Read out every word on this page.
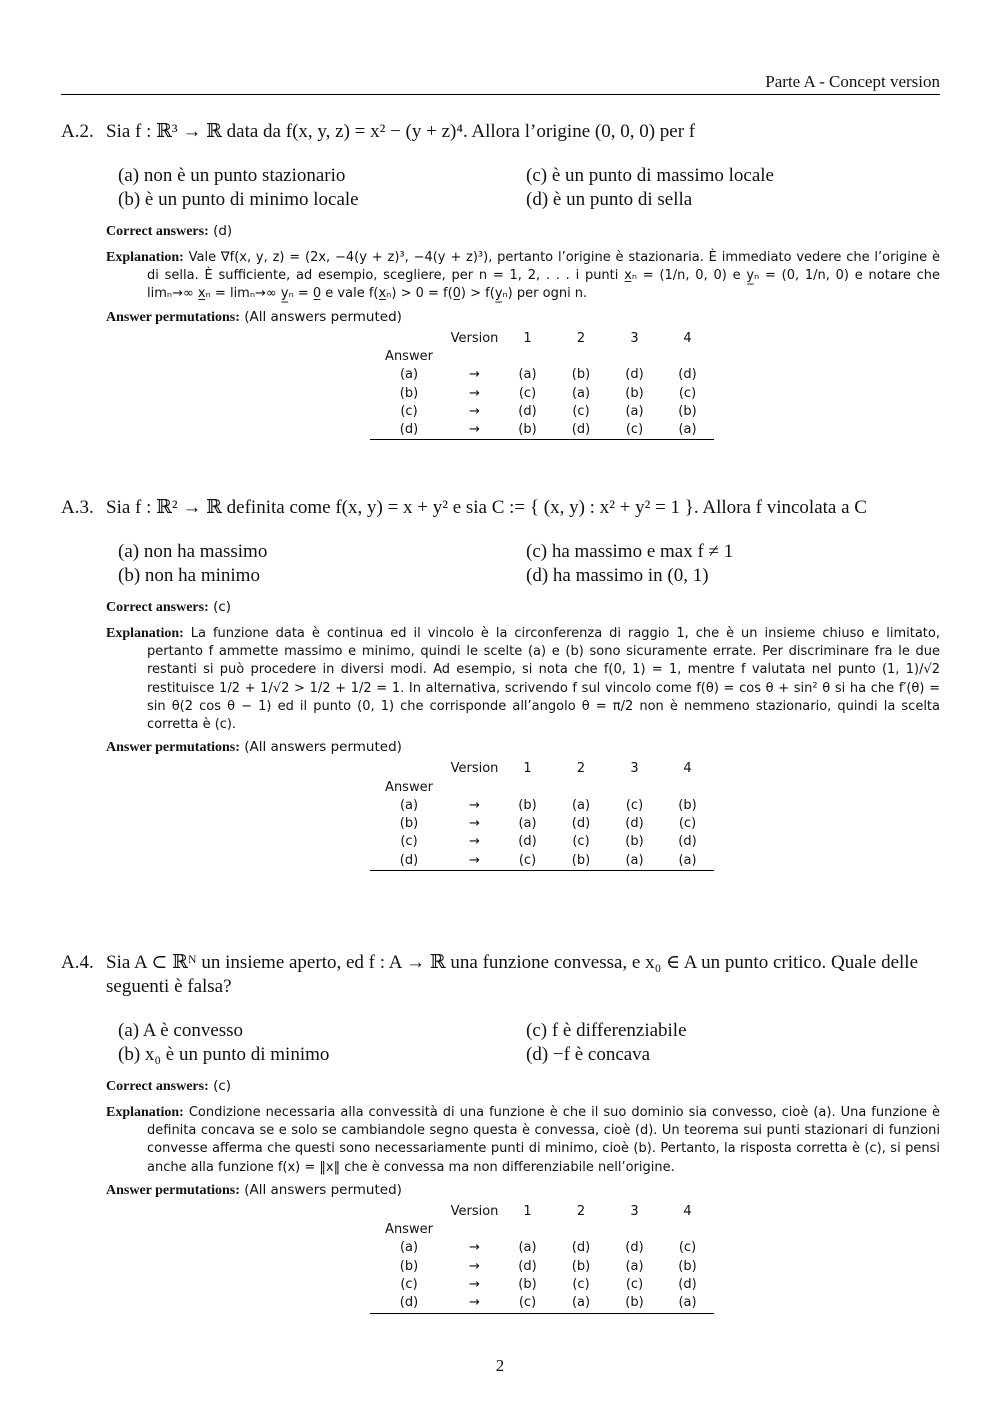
Parte A - Concept version
A.2. Sia f : ℝ³ → ℝ data da f(x, y, z) = x² − (y + z)⁴. Allora l’origine (0, 0, 0) per f
(a) non è un punto stazionario	(c) è un punto di massimo locale
(b) è un punto di minimo locale	(d) è un punto di sella
Correct answers: (d)
Explanation: Vale ∇f(x, y, z) = (2x, −4(y + z)³, −4(y + z)³), pertanto l’origine è stazionaria. È immediato vedere che l’origine è di sella. È sufficiente, ad esempio, scegliere, per n = 1, 2, . . . i punti x̲ₙ = (1/n, 0, 0) e y̲ₙ = (0, 1/n, 0) e notare che limₙ→∞ x̲ₙ = limₙ→∞ y̲ₙ = 0̲ e vale f(x̲ₙ) > 0 = f(0̲) > f(y̲ₙ) per ogni n.
Answer permutations: (All answers permuted)
	Version	1	2	3	4
Answer					
(a)	→	(a)	(b)	(d)	(d)
(b)	→	(c)	(a)	(b)	(c)
(c)	→	(d)	(c)	(a)	(b)
(d)	→	(b)	(d)	(c)	(a)
A.3. Sia f : ℝ² → ℝ definita come f(x, y) = x + y² e sia C := { (x, y) : x² + y² = 1 }. Allora f vincolata a C
(a) non ha massimo	(c) ha massimo e max f ≠ 1
(b) non ha minimo	(d) ha massimo in (0, 1)
Correct answers: (c)
Explanation: La funzione data è continua ed il vincolo è la circonferenza di raggio 1, che è un insieme chiuso e limitato, pertanto f ammette massimo e minimo, quindi le scelte (a) e (b) sono sicuramente errate. Per discriminare fra le due restanti si può procedere in diversi modi. Ad esempio, si nota che f(0, 1) = 1, mentre f valutata nel punto (1, 1)/√2 restituisce 1/2 + 1/√2 > 1/2 + 1/2 = 1. In alternativa, scrivendo f sul vincolo come f(θ) = cos θ + sin² θ si ha che f′(θ) = sin θ(2 cos θ − 1) ed il punto (0, 1) che corrisponde all’angolo θ = π/2 non è nemmeno stazionario, quindi la scelta corretta è (c).
Answer permutations: (All answers permuted)
	Version	1	2	3	4
Answer					
(a)	→	(b)	(a)	(c)	(b)
(b)	→	(a)	(d)	(d)	(c)
(c)	→	(d)	(c)	(b)	(d)
(d)	→	(c)	(b)	(a)	(a)
A.4. Sia A ⊂ ℝᴺ un insieme aperto, ed f : A → ℝ una funzione convessa, e x₀ ∈ A un punto critico. Quale delle seguenti è falsa?
(a) A è convesso	(c) f è differenziabile
(b) x₀ è un punto di minimo	(d) −f è concava
Correct answers: (c)
Explanation: Condizione necessaria alla convessità di una funzione è che il suo dominio sia convesso, cioè (a). Una funzione è definita concava se e solo se cambiandole segno questa è convessa, cioè (d). Un teorema sui punti stazionari di funzioni convesse afferma che questi sono necessariamente punti di minimo, cioè (b). Pertanto, la risposta corretta è (c), si pensi anche alla funzione f(x) = ‖x‖ che è convessa ma non differenziabile nell’origine.
Answer permutations: (All answers permuted)
	Version	1	2	3	4
Answer					
(a)	→	(a)	(d)	(d)	(c)
(b)	→	(d)	(b)	(a)	(b)
(c)	→	(b)	(c)	(c)	(d)
(d)	→	(c)	(a)	(b)	(a)
2
